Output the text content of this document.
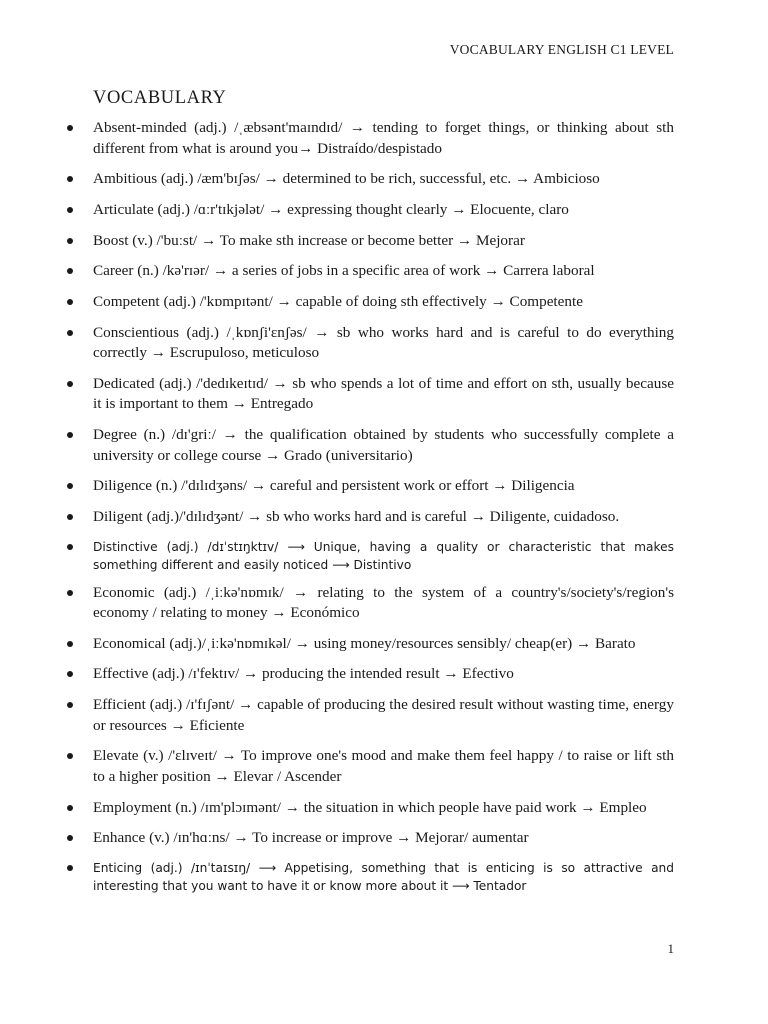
VOCABULARY ENGLISH C1 LEVEL
VOCABULARY
Absent-minded (adj.) /ˌæbsənt'maɪndɪd/ → tending to forget things, or thinking about sth different from what is around you→ Distraído/despistado
Ambitious (adj.) /æm'bɪʃəs/ → determined to be rich, successful, etc. → Ambicioso
Articulate (adj.) /ɑːr'tɪkjələt/ → expressing thought clearly → Elocuente, claro
Boost (v.) /'buːst/ → To make sth increase or become better → Mejorar
Career (n.) /kə'rɪər/ → a series of jobs in a specific area of work → Carrera laboral
Competent (adj.) /'kɒmpɪtənt/ → capable of doing sth effectively → Competente
Conscientious (adj.) /ˌkɒnʃi'ɛnʃəs/ → sb who works hard and is careful to do everything correctly → Escrupuloso, meticuloso
Dedicated (adj.) /'dedɪkeɪtɪd/ → sb who spends a lot of time and effort on sth, usually because it is important to them → Entregado
Degree (n.) /dɪ'griː/ → the qualification obtained by students who successfully complete a university or college course → Grado (universitario)
Diligence (n.) /'dɪlɪdʒəns/ → careful and persistent work or effort → Diligencia
Diligent (adj.)/'dɪlɪdʒənt/ → sb who works hard and is careful → Diligente, cuidadoso.
Distinctive (adj.) /dɪˈstɪŋktɪv/ ⟶ Unique, having a quality or characteristic that makes something different and easily noticed ⟶ Distintivo
Economic (adj.) /ˌiːkə'nɒmɪk/ → relating to the system of a country's/society's/region's economy / relating to money → Económico
Economical (adj.)/ˌiːkə'nɒmɪkəl/ → using money/resources sensibly/ cheap(er) → Barato
Effective (adj.) /ɪ'fektɪv/ → producing the intended result → Efectivo
Efficient (adj.) /ɪ'fɪʃənt/ → capable of producing the desired result without wasting time, energy or resources → Eficiente
Elevate (v.) /'ɛlɪveɪt/ → To improve one's mood and make them feel happy / to raise or lift sth to a higher position → Elevar / Ascender
Employment (n.) /ɪm'plɔɪmənt/ → the situation in which people have paid work → Empleo
Enhance (v.) /ɪn'hɑːns/ → To increase or improve → Mejorar/ aumentar
Enticing (adj.) /ɪnˈtaɪsɪŋ/ ⟶ Appetising, something that is enticing is so attractive and interesting that you want to have it or know more about it ⟶ Tentador
1
